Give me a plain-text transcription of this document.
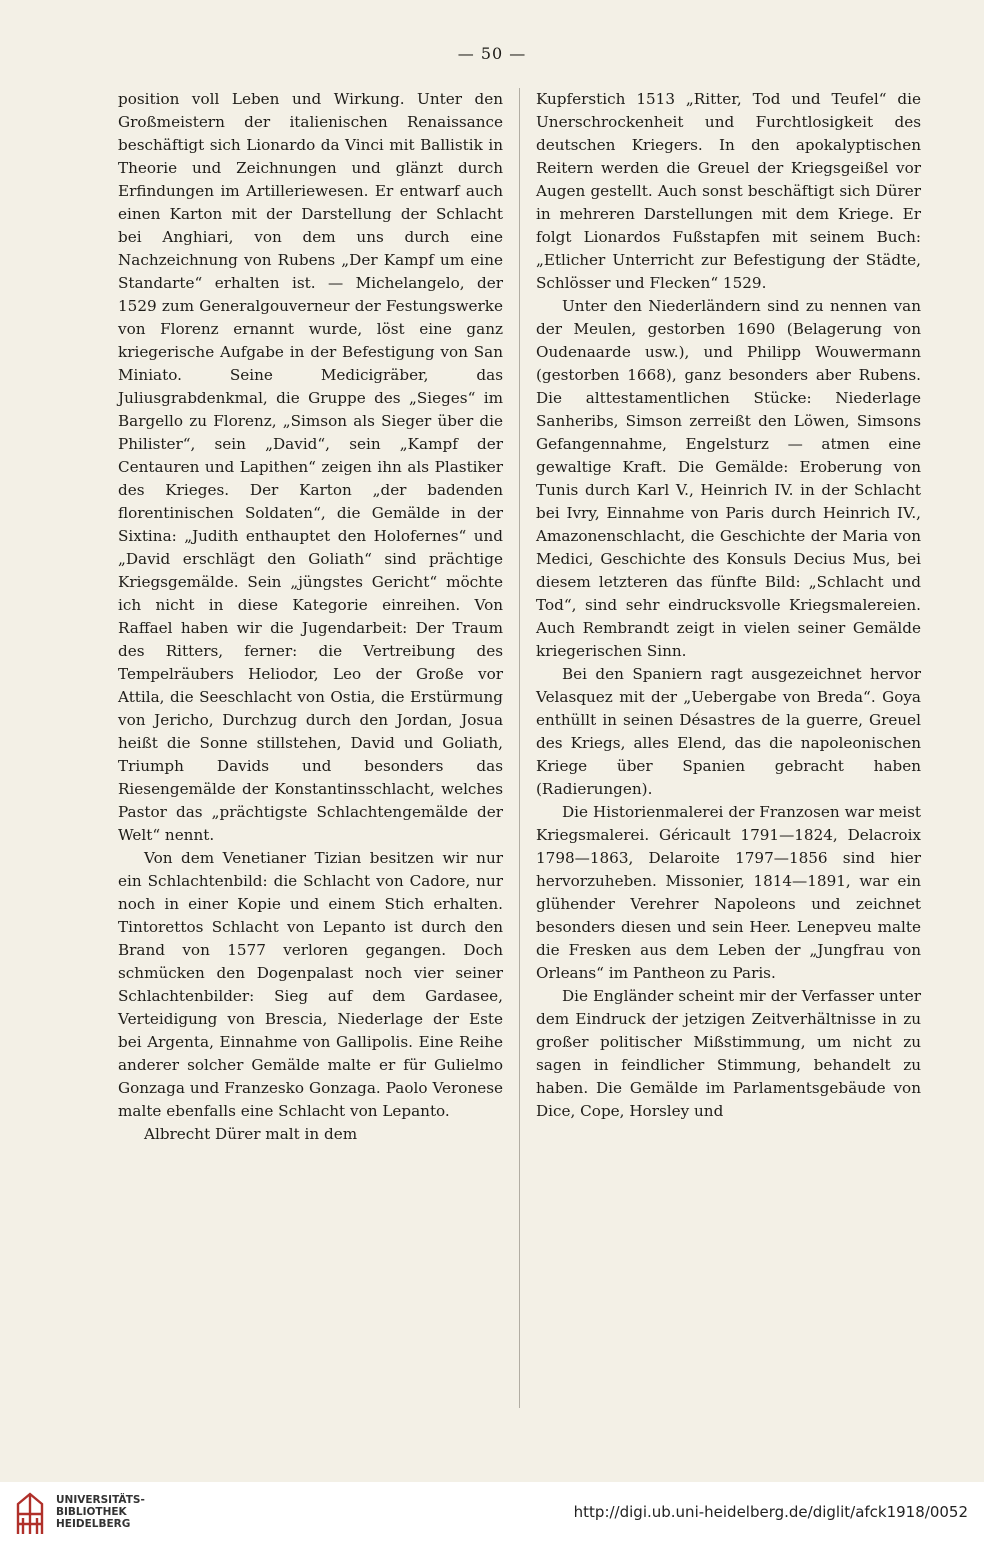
— 50 —

position voll Leben und Wirkung. Unter den Großmeistern der italienischen Renaissance beschäftigt sich Lionardo da Vinci mit Ballistik in Theorie und Zeichnungen und glänzt durch Erfindungen im Artilleriewesen. Er entwarf auch einen Karton mit der Darstellung der Schlacht bei Anghiari, von dem uns durch eine Nachzeichnung von Rubens „Der Kampf um eine Standarte“ erhalten ist. — Michelangelo, der 1529 zum Generalgouverneur der Festungswerke von Florenz ernannt wurde, löst eine ganz kriegerische Aufgabe in der Befestigung von San Miniato. Seine Medicigräber, das Juliusgrabdenkmal, die Gruppe des „Sieges“ im Bargello zu Florenz, „Simson als Sieger über die Philister“, sein „David“, sein „Kampf der Centauren und Lapithen“ zeigen ihn als Plastiker des Krieges. Der Karton „der badenden florentinischen Soldaten“, die Gemälde in der Sixtina: „Judith enthauptet den Holofernes“ und „David erschlägt den Goliath“ sind prächtige Kriegsgemälde. Sein „jüngstes Gericht“ möchte ich nicht in diese Kategorie einreihen. Von Raffael haben wir die Jugendarbeit: Der Traum des Ritters, ferner: die Vertreibung des Tempelräubers Heliodor, Leo der Große vor Attila, die Seeschlacht von Ostia, die Erstürmung von Jericho, Durchzug durch den Jordan, Josua heißt die Sonne stillstehen, David und Goliath, Triumph Davids und besonders das Riesengemälde der Konstantinsschlacht, welches Pastor das „prächtigste Schlachtengemälde der Welt“ nennt.

Von dem Venetianer Tizian besitzen wir nur ein Schlachtenbild: die Schlacht von Cadore, nur noch in einer Kopie und einem Stich erhalten. Tintorettos Schlacht von Lepanto ist durch den Brand von 1577 verloren gegangen. Doch schmücken den Dogenpalast noch vier seiner Schlachtenbilder: Sieg auf dem Gardasee, Verteidigung von Brescia, Niederlage der Este bei Argenta, Einnahme von Gallipolis. Eine Reihe anderer solcher Gemälde malte er für Gulielmo Gonzaga und Franzesko Gonzaga. Paolo Veronese malte ebenfalls eine Schlacht von Lepanto.

Albrecht Dürer malt in dem

Kupferstich 1513 „Ritter, Tod und Teufel“ die Unerschrockenheit und Furchtlosigkeit des deutschen Kriegers. In den apokalyptischen Reitern werden die Greuel der Kriegsgeißel vor Augen gestellt. Auch sonst beschäftigt sich Dürer in mehreren Darstellungen mit dem Kriege. Er folgt Lionardos Fußstapfen mit seinem Buch: „Etlicher Unterricht zur Befestigung der Städte, Schlösser und Flecken“ 1529.

Unter den Niederländern sind zu nennen van der Meulen, gestorben 1690 (Belagerung von Oudenaarde usw.), und Philipp Wouwermann (gestorben 1668), ganz besonders aber Rubens. Die alttestamentlichen Stücke: Niederlage Sanheribs, Simson zerreißt den Löwen, Simsons Gefangennahme, Engelsturz — atmen eine gewaltige Kraft. Die Gemälde: Eroberung von Tunis durch Karl V., Heinrich IV. in der Schlacht bei Ivry, Einnahme von Paris durch Heinrich IV., Amazonenschlacht, die Geschichte der Maria von Medici, Geschichte des Konsuls Decius Mus, bei diesem letzteren das fünfte Bild: „Schlacht und Tod“, sind sehr eindrucksvolle Kriegsmalereien. Auch Rembrandt zeigt in vielen seiner Gemälde kriegerischen Sinn.

Bei den Spaniern ragt ausgezeichnet hervor Velasquez mit der „Uebergabe von Breda“. Goya enthüllt in seinen Désastres de la guerre, Greuel des Kriegs, alles Elend, das die napoleonischen Kriege über Spanien gebracht haben (Radierungen).

Die Historienmalerei der Franzosen war meist Kriegsmalerei. Géricault 1791—1824, Delacroix 1798—1863, Delaroite 1797—1856 sind hier hervorzuheben. Missonier, 1814—1891, war ein glühender Verehrer Napoleons und zeichnet besonders diesen und sein Heer. Lenepveu malte die Fresken aus dem Leben der „Jungfrau von Orleans“ im Pantheon zu Paris.

Die Engländer scheint mir der Verfasser unter dem Eindruck der jetzigen Zeitverhältnisse in zu großer politischer Mißstimmung, um nicht zu sagen in feindlicher Stimmung, behandelt zu haben. Die Gemälde im Parlamentsgebäude von Dice, Cope, Horsley und

UNIVERSITÄTS-
BIBLIOTHEK
HEIDELBERG
http://digi.ub.uni-heidelberg.de/diglit/afck1918/0052
